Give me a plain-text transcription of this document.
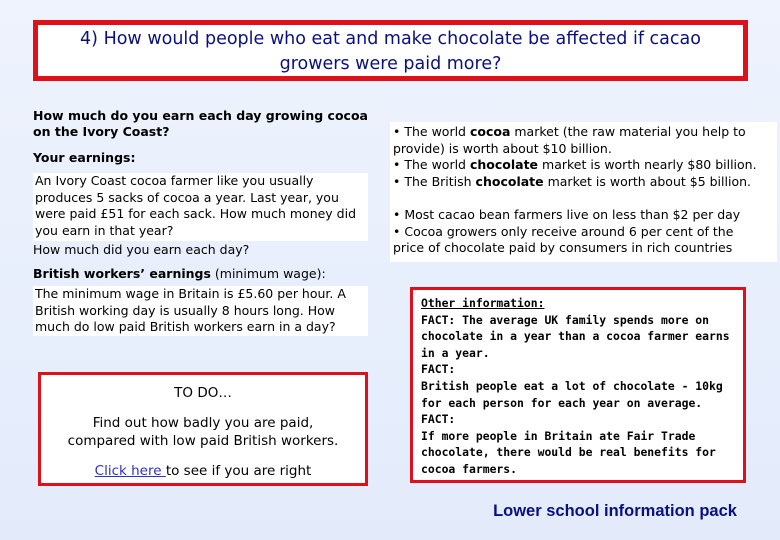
4) How would people who eat and make chocolate be affected if cacao
growers were paid more?
How much do you earn each day growing cocoa
on the Ivory Coast?
Your earnings:
An Ivory Coast cocoa farmer like you usually
produces 5 sacks of cocoa a year. Last year, you
were paid £51 for each sack. How much money did
you earn in that year?
How much did you earn each day?
British workers’ earnings (minimum wage):
The minimum wage in Britain is £5.60 per hour. A
British working day is usually 8 hours long. How
much do low paid British workers earn in a day?
TO DO…
Find out how badly you are paid,
compared with low paid British workers.
Click here to see if you are right

• The world cocoa market (the raw material you help to

provide) is worth about $10 billion.

• The world chocolate market is worth nearly $80 billion.

• The British chocolate market is worth about $5 billion.

• Most cacao bean farmers live on less than $2 per day

• Cocoa growers only receive around 6 per cent of the

price of chocolate paid by consumers in rich countries

Other information:

FACT: The average UK family spends more on

chocolate in a year than a cocoa farmer earns

in a year.

FACT:

British people eat a lot of chocolate - 10kg

for each person for each year on average.

FACT:

If more people in Britain ate Fair Trade

chocolate, there would be real benefits for

cocoa farmers.

Lower school information pack
